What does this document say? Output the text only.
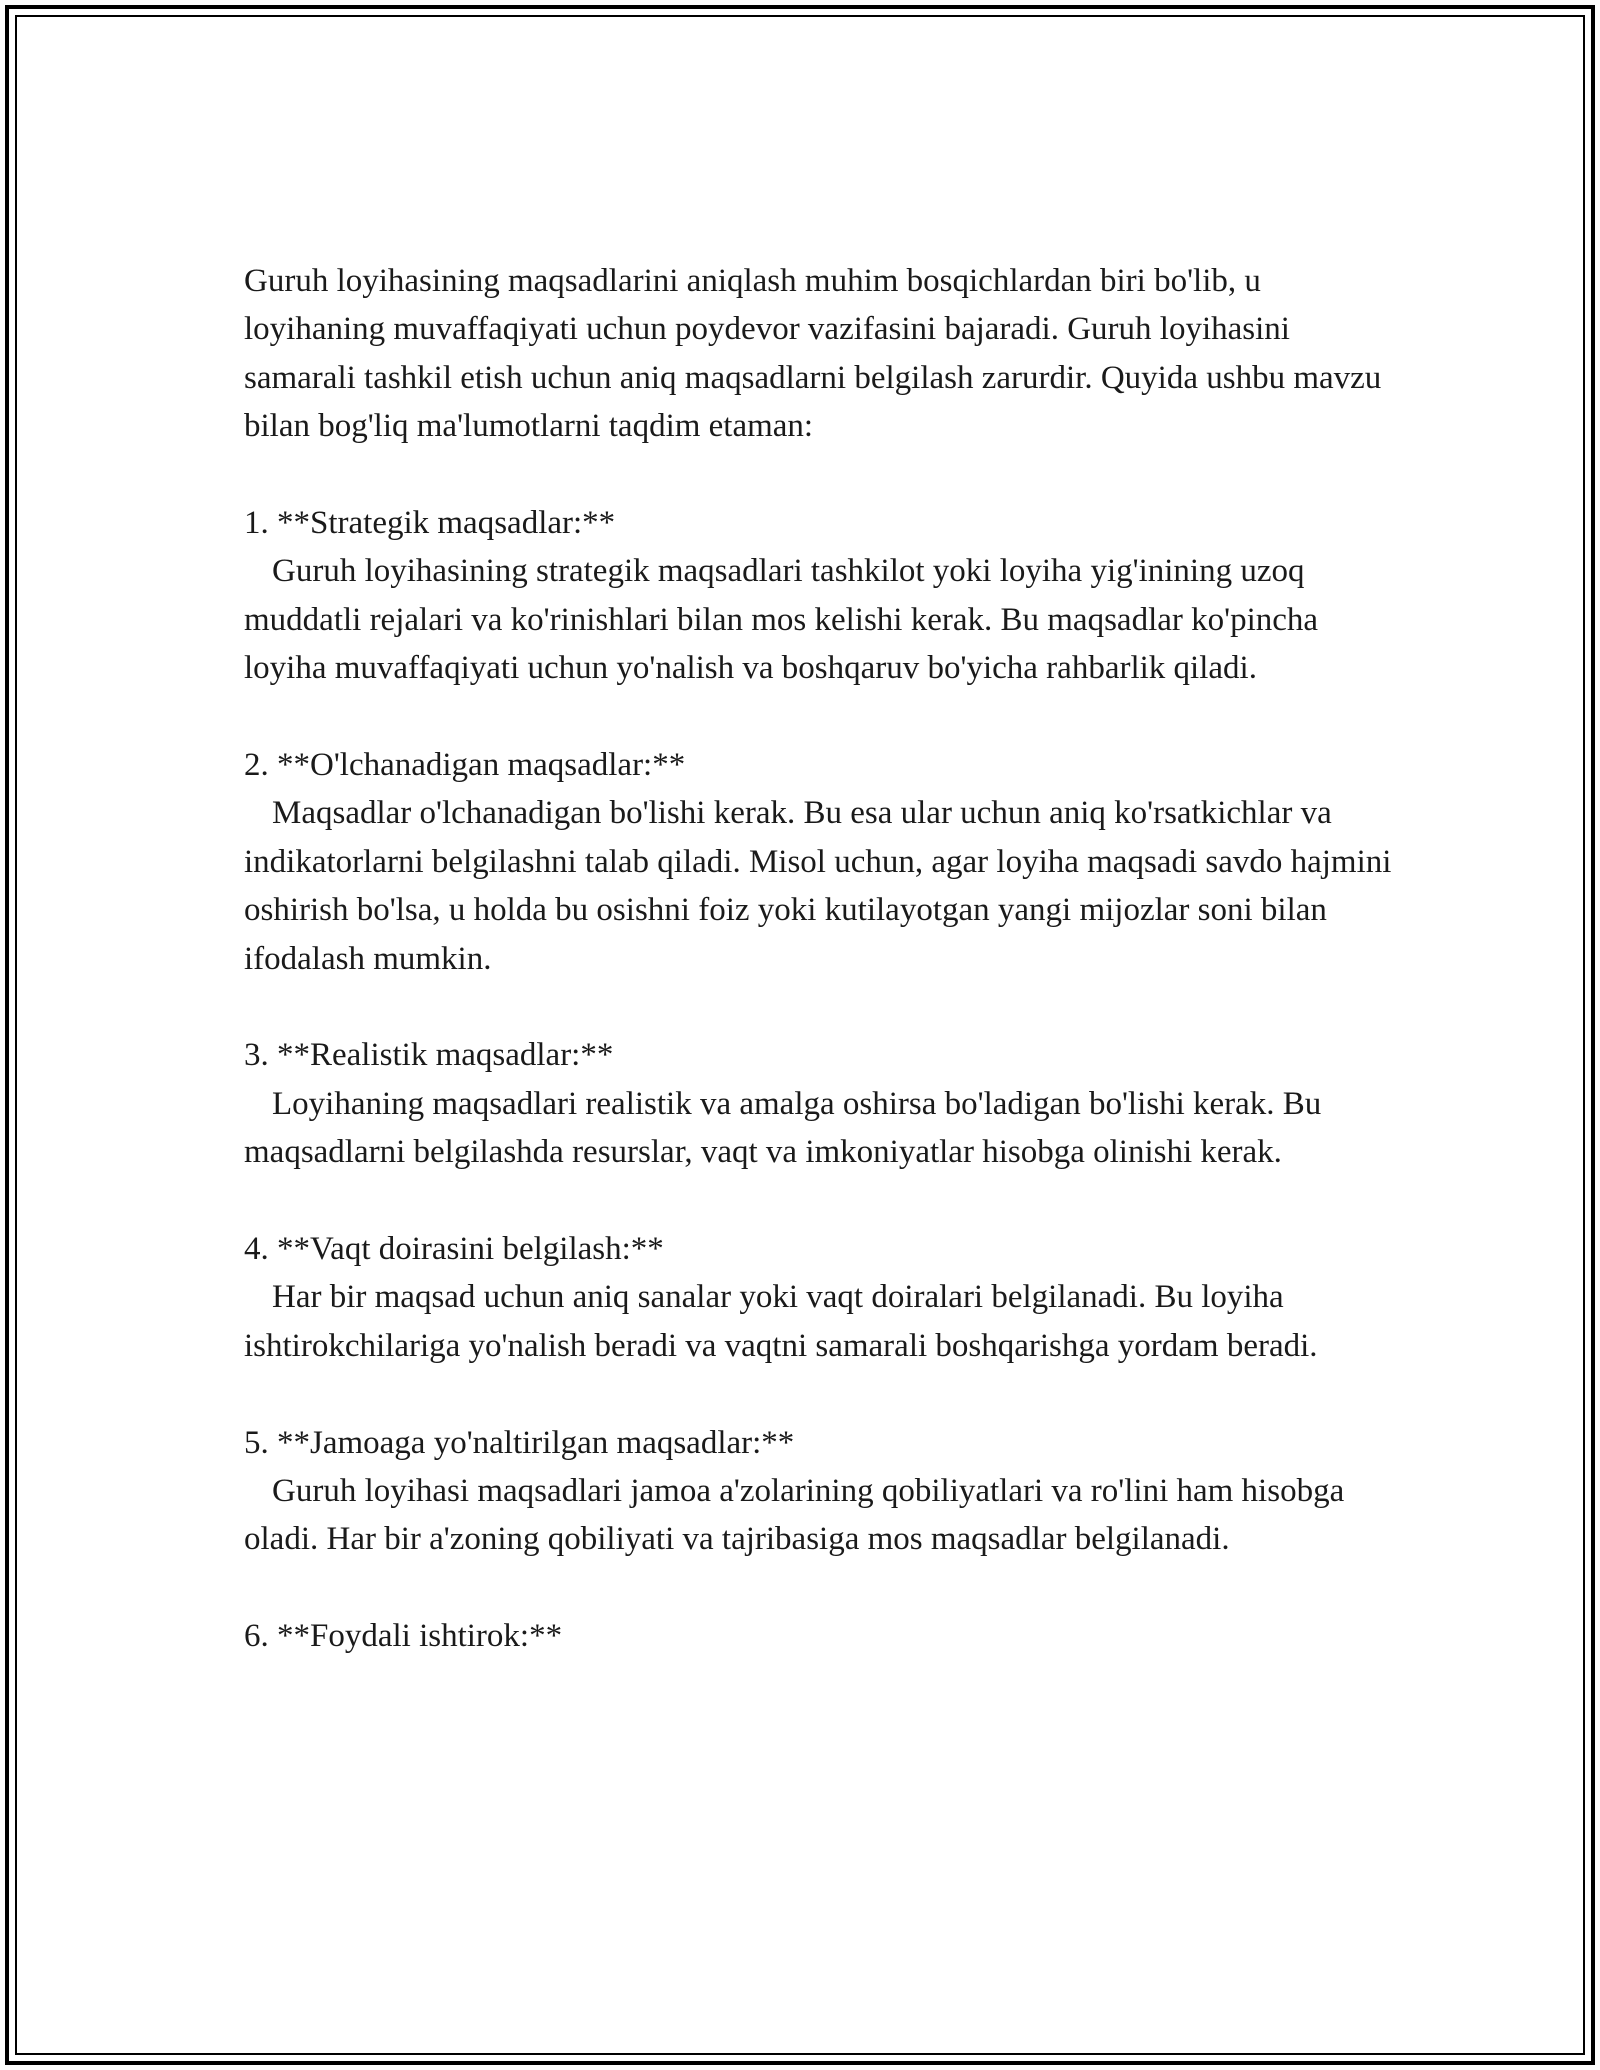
Guruh loyihasining maqsadlarini aniqlash muhim bosqichlardan biri bo'lib, u loyihaning muvaffaqiyati uchun poydevor vazifasini bajaradi. Guruh loyihasini samarali tashkil etish uchun aniq maqsadlarni belgilash zarurdir. Quyida ushbu mavzu bilan bog'liq ma'lumotlarni taqdim etaman:

1. **Strategik maqsadlar:**

Guruh loyihasining strategik maqsadlari tashkilot yoki loyiha yig'inining uzoq muddatli rejalari va ko'rinishlari bilan mos kelishi kerak. Bu maqsadlar ko'pincha loyiha muvaffaqiyati uchun yo'nalish va boshqaruv bo'yicha rahbarlik qiladi.

2. **O'lchanadigan maqsadlar:**

Maqsadlar o'lchanadigan bo'lishi kerak. Bu esa ular uchun aniq ko'rsatkichlar va indikatorlarni belgilashni talab qiladi. Misol uchun, agar loyiha maqsadi savdo hajmini oshirish bo'lsa, u holda bu osishni foiz yoki kutilayotgan yangi mijozlar soni bilan ifodalash mumkin.

3. **Realistik maqsadlar:**

Loyihaning maqsadlari realistik va amalga oshirsa bo'ladigan bo'lishi kerak. Bu maqsadlarni belgilashda resurslar, vaqt va imkoniyatlar hisobga olinishi kerak.

4. **Vaqt doirasini belgilash:**

Har bir maqsad uchun aniq sanalar yoki vaqt doiralari belgilanadi. Bu loyiha ishtirokchilariga yo'nalish beradi va vaqtni samarali boshqarishga yordam beradi.

5. **Jamoaga yo'naltirilgan maqsadlar:**

Guruh loyihasi maqsadlari jamoa a'zolarining qobiliyatlari va ro'lini ham hisobga oladi. Har bir a'zoning qobiliyati va tajribasiga mos maqsadlar belgilanadi.

6. **Foydali ishtirok:**
